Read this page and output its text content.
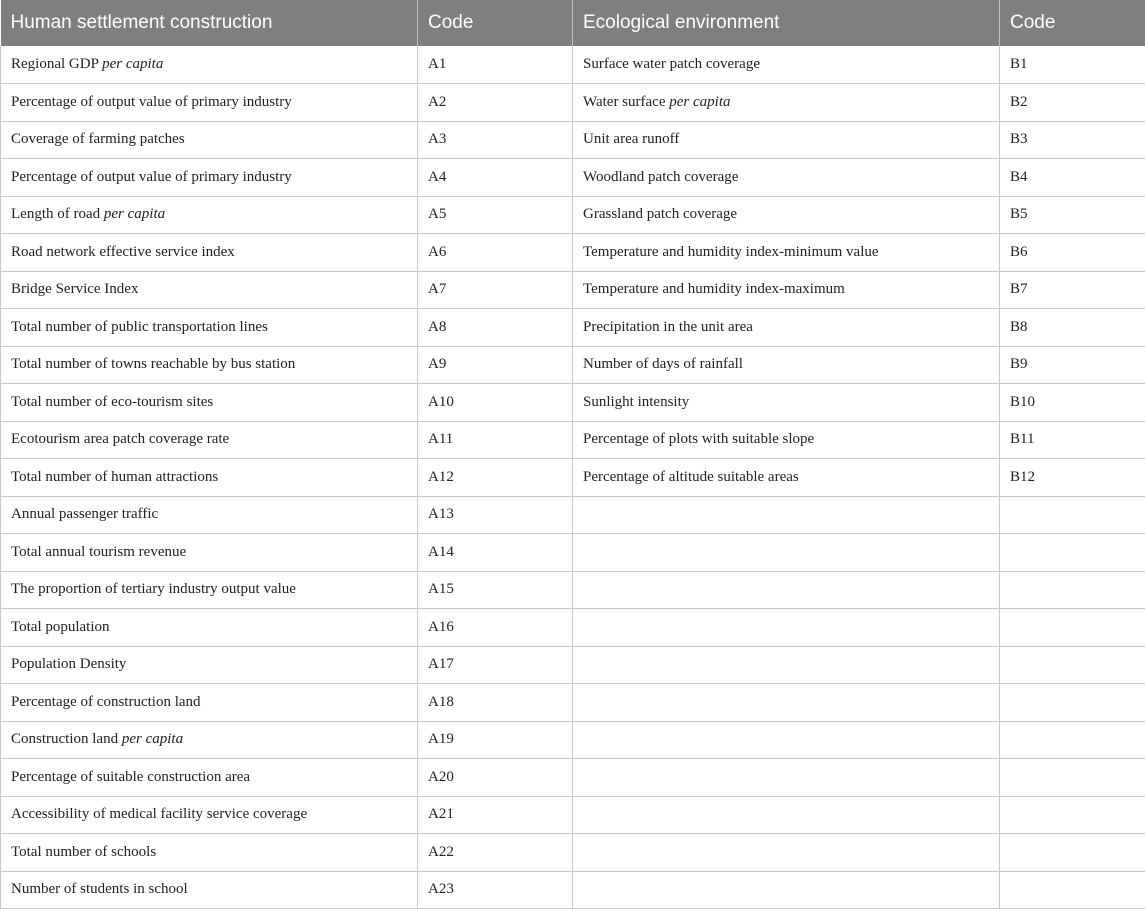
Human settlement construction	Code	Ecological environment	Code
Regional GDP per capita	A1	Surface water patch coverage	B1
Percentage of output value of primary industry	A2	Water surface per capita	B2
Coverage of farming patches	A3	Unit area runoff	B3
Percentage of output value of primary industry	A4	Woodland patch coverage	B4
Length of road per capita	A5	Grassland patch coverage	B5
Road network effective service index	A6	Temperature and humidity index-minimum value	B6
Bridge Service Index	A7	Temperature and humidity index-maximum	B7
Total number of public transportation lines	A8	Precipitation in the unit area	B8
Total number of towns reachable by bus station	A9	Number of days of rainfall	B9
Total number of eco-tourism sites	A10	Sunlight intensity	B10
Ecotourism area patch coverage rate	A11	Percentage of plots with suitable slope	B11
Total number of human attractions	A12	Percentage of altitude suitable areas	B12
Annual passenger traffic	A13		
Total annual tourism revenue	A14		
The proportion of tertiary industry output value	A15		
Total population	A16		
Population Density	A17		
Percentage of construction land	A18		
Construction land per capita	A19		
Percentage of suitable construction area	A20		
Accessibility of medical facility service coverage	A21		
Total number of schools	A22		
Number of students in school	A23		
